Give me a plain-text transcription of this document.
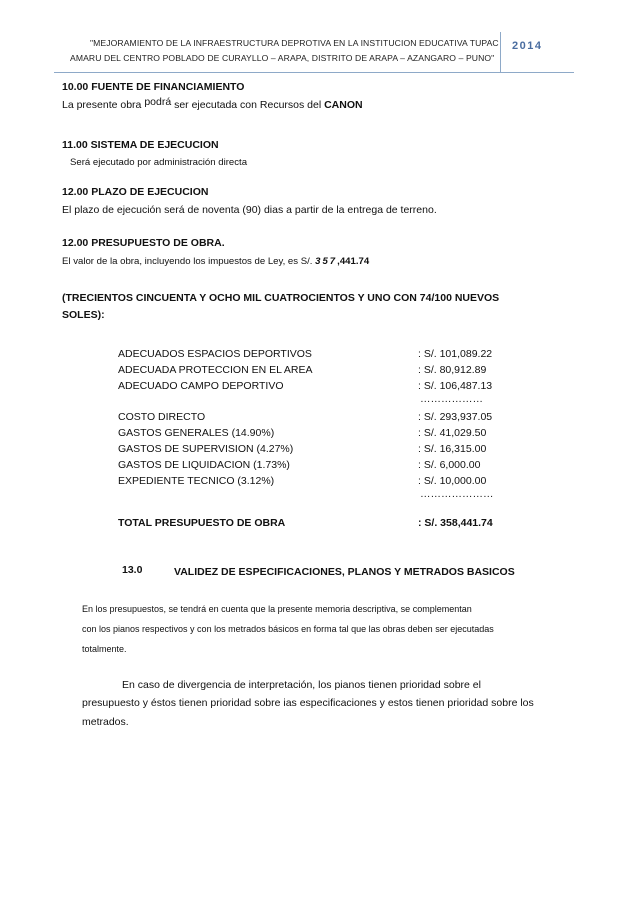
"MEJORAMIENTO DE LA INFRAESTRUCTURA DEPROTIVA EN LA INSTITUCION EDUCATIVA TUPAC
AMARU DEL CENTRO POBLADO DE CURAYLLO – ARAPA, DISTRITO DE ARAPA – AZANGARO – PUNO"
2014
10.00 FUENTE DE FINANCIAMIENTO
La presente obra podrá ser ejecutada con Recursos del CANON
11.00 SISTEMA DE EJECUCION
Será ejecutado por administración directa
12.00 PLAZO DE EJECUCION
El plazo de ejecución será de noventa (90) dias a partir de la entrega de terreno.
12.00 PRESUPUESTO DE OBRA.
El valor de la obra, incluyendo los impuestos de Ley, es S/. 357,441.74
(TRECIENTOS CINCUENTA Y OCHO MIL CUATROCIENTOS Y UNO CON 74/100 NUEVOS
SOLES):
ADECUADOS ESPACIOS DEPORTIVOS	: S/. 101,089.22
ADECUADA PROTECCION EN EL AREA	: S/. 80,912.89
ADECUADO CAMPO DEPORTIVO	: S/. 106,487.13
………………
COSTO DIRECTO	: S/. 293,937.05
GASTOS GENERALES (14.90%)	: S/. 41,029.50
GASTOS DE SUPERVISION (4.27%)	: S/. 16,315.00
GASTOS DE LIQUIDACION (1.73%)	: S/. 6,000.00
EXPEDIENTE TECNICO (3.12%)	: S/. 10,000.00
…………………
TOTAL PRESUPUESTO DE OBRA	: S/. 358,441.74
13.0	VALIDEZ DE ESPECIFICACIONES, PLANOS Y METRADOS BASICOS
En los presupuestos, se tendrá en cuenta que la presente memoria descriptiva, se complementan
con los pianos respectivos y con los metrados básicos en forma tal que las obras deben ser ejecutadas
totalmente.
En caso de divergencia de interpretación, los pianos tienen prioridad sobre el
presupuesto y éstos tienen prioridad sobre ias especificaciones y estos tienen prioridad sobre los
metrados.
